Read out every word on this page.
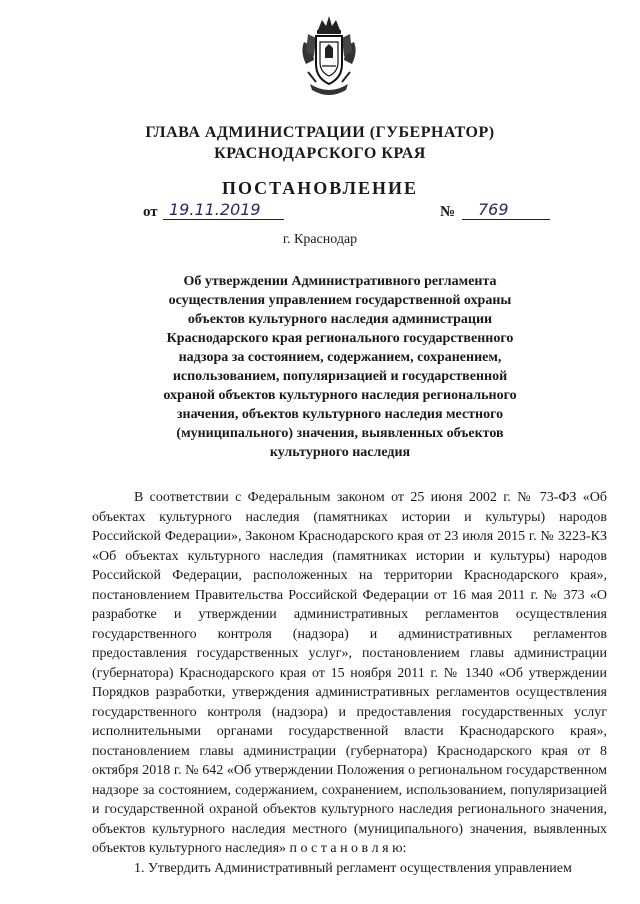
ГЛАВА АДМИНИСТРАЦИИ (ГУБЕРНАТОР)
КРАСНОДАРСКОГО КРАЯ
ПОСТАНОВЛЕНИЕ
от 19.11.2019	№	769
г. Краснодар
Об утверждении Административного регламента осуществления управлением государственной охраны объектов культурного наследия администрации Краснодарского края регионального государственного надзора за состоянием, содержанием, сохранением, использованием, популяризацией и государственной охраной объектов культурного наследия регионального значения, объектов культурного наследия местного (муниципального) значения, выявленных объектов культурного наследия

В соответствии с Федеральным законом от 25 июня 2002 г. № 73-ФЗ «Об объектах культурного наследия (памятниках истории и культуры) народов Российской Федерации», Законом Краснодарского края от 23 июля 2015 г. № 3223-КЗ «Об объектах культурного наследия (памятниках истории и культуры) народов Российской Федерации, расположенных на территории Краснодарского края», постановлением Правительства Российской Федерации от 16 мая 2011 г. № 373 «О разработке и утверждении административных регламентов осуществления государственного контроля (надзора) и административных регламентов предоставления государственных услуг», постановлением главы администрации (губернатора) Краснодарского края от 15 ноября 2011 г. № 1340 «Об утверждении Порядков разработки, утверждения административных регламентов осуществления государственного контроля (надзора) и предоставления государственных услуг исполнительными органами государственной власти Краснодарского края», постановлением главы администрации (губернатора) Краснодарского края от 8 октября 2018 г. № 642 «Об утверждении Положения о региональном государственном надзоре за состоянием, содержанием, сохранением, использованием, популяризацией и государственной охраной объектов культурного наследия регионального значения, объектов культурного наследия местного (муниципального) значения, выявленных объектов культурного наследия» п о с т а н о в л я ю:

1. Утвердить Административный регламент осуществления управлением
